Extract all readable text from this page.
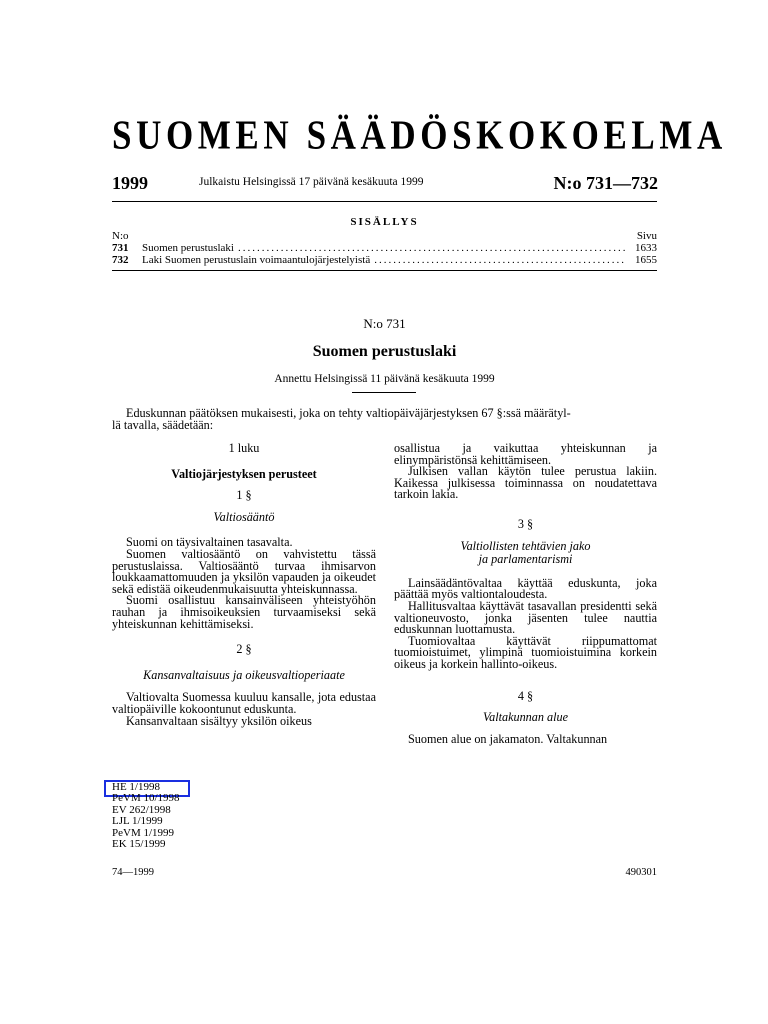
SUOMEN SÄÄDÖSKOKOELMA
1999	Julkaistu Helsingissä 17 päivänä kesäkuuta 1999	N:o 731—732
SISÄLLYS
N:o	Sivu
731	Suomen perustuslaki .....	1633
732	Laki Suomen perustuslain voimaantulojärjestelyistä .....	1655
N:o 731
Suomen perustuslaki
Annettu Helsingissä 11 päivänä kesäkuuta 1999
Eduskunnan päätöksen mukaisesti, joka on tehty valtiopäiväjärjestyksen 67 §:ssä määrätyl-
lä tavalla, säädetään:

1 luku

Valtiojärjestyksen perusteet

1 §

Valtiosääntö

Suomi on täysivaltainen tasavalta.

Suomen valtiosääntö on vahvistettu tässä perustuslaissa. Valtiosääntö turvaa ihmisarvon loukkaamattomuuden ja yksilön vapauden ja oikeudet sekä edistää oikeudenmukaisuutta yhteiskunnassa.

Suomi osallistuu kansainväliseen yhteistyöhön rauhan ja ihmisoikeuksien turvaamiseksi sekä yhteiskunnan kehittämiseksi.

2 §

Kansanvaltaisuus ja oikeusvaltioperiaate

Valtiovalta Suomessa kuuluu kansalle, jota edustaa valtiopäiville kokoontunut eduskunta.

Kansanvaltaan sisältyy yksilön oikeus

osallistua ja vaikuttaa yhteiskunnan ja elinympäristönsä kehittämiseen.

Julkisen vallan käytön tulee perustua lakiin. Kaikessa julkisessa toiminnassa on noudatettava tarkoin lakia.

3 §

Valtiollisten tehtävien jako

ja parlamentarismi

Lainsäädäntövaltaa käyttää eduskunta, joka päättää myös valtiontaloudesta.

Hallitusvaltaa käyttävät tasavallan presidentti sekä valtioneuvosto, jonka jäsenten tulee nauttia eduskunnan luottamusta.

Tuomiovaltaa käyttävät riippumattomat tuomioistuimet, ylimpinä tuomioistuimina korkein oikeus ja korkein hallinto-oikeus.

4 §

Valtakunnan alue

Suomen alue on jakamaton. Valtakunnan

HE 1/1998
PeVM 10/1998
EV 262/1998
LJL 1/1999
PeVM 1/1999
EK 15/1999
74—1999	490301
